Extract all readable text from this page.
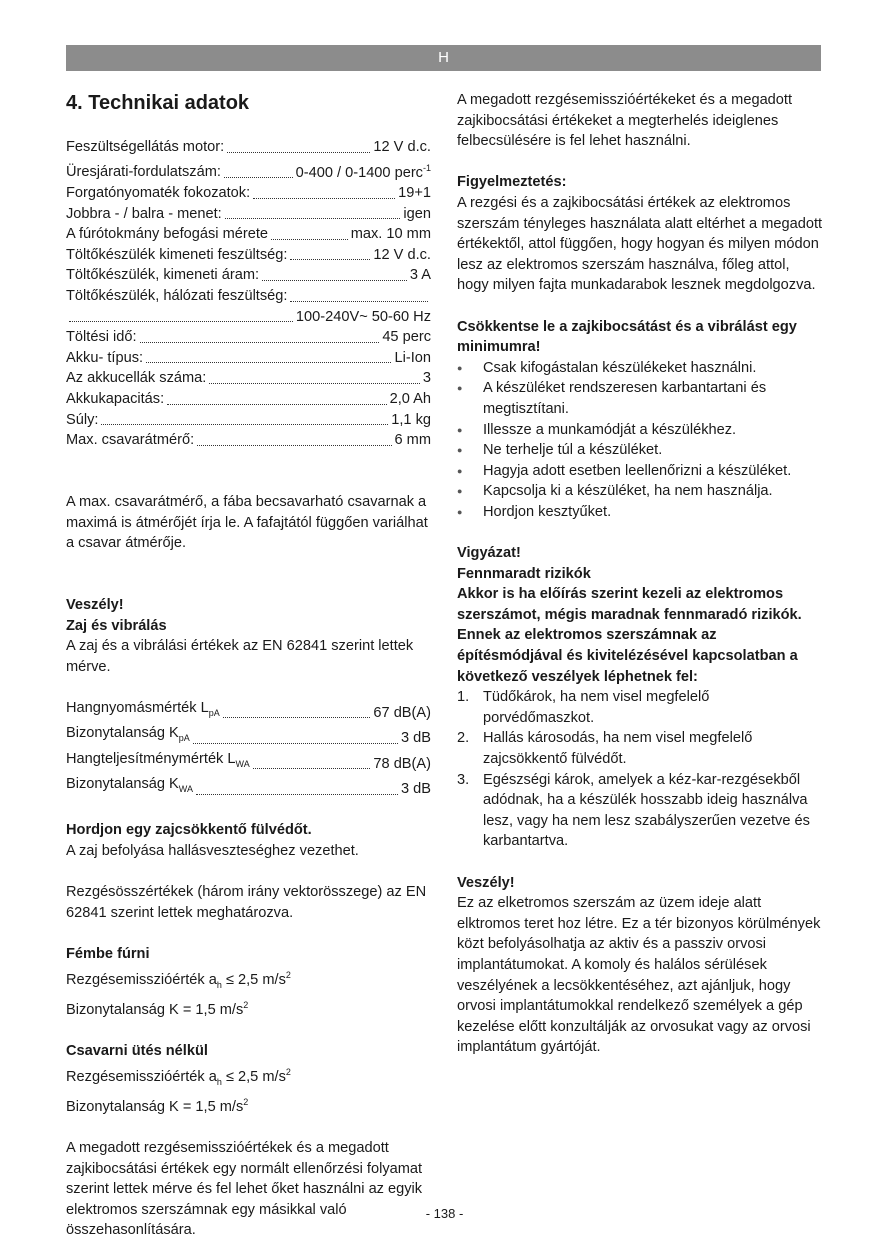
H
4. Technikai adatok
Feszültségellátás motor:	12 V d.c.
Üresjárati-fordulatszám:	0-400 / 0-1400 perc$^{-1}$
Forgatónyomaték fokozatok:	19+1
Jobbra - / balra - menet:	igen
A fúrótokmány befogási mérete	max. 10 mm
Töltőkészülék kimeneti feszültség:	12 V d.c.
Töltőkészülék, kimeneti áram:	3 A
Töltőkészülék, hálózati feszültség:
100-240V~ 50-60 Hz
Töltési idő:	45 perc
Akku- típus:	Li-Ion
Az akkucellák száma:	3
Akkukapacitás:	2,0 Ah
Súly:	1,1 kg
Max. csavarátmérő:	6 mm

A max. csavarátmérő, a fába becsavarható csavarnak a maximá is átmérőjét írja le. A fafajtától függően variálhat a csavar átmérője.

Veszély!

Zaj és vibrálás

A zaj és a vibrálási értékek az EN 62841 szerint lettek mérve.

Hangnyomásmérték $L_{pA}$	67 dB(A)
Bizonytalanság $K_{pA}$	3 dB
Hangteljesítménymérték $L_{WA}$	78 dB(A)
Bizonytalanság $K_{WA}$	3 dB

Hordjon egy zajcsökkentő fülvédőt.

A zaj befolyása hallásveszteséghez vezethet.

Rezgésösszértékek (három irány vektorösszege) az EN 62841 szerint lettek meghatározva.

Fémbe fúrni

Rezgésemisszióérték $a_h \le 2,5$ $m/s^2$

Bizonytalanság K = 1,5 $m/s^2$

Csavarni ütés nélkül

Rezgésemisszióérték $a_h \le 2,5$ $m/s^2$

Bizonytalanság K = 1,5 $m/s^2$

A megadott rezgésemisszióértékek és a megadott zajkibocsátási értékek egy normált ellenőrzési folyamat szerint lettek mérve és fel lehet őket használni az egyik elektromos szerszámnak egy másikkal való összehasonlítására.

A megadott rezgésemisszióértékeket és a megadott zajkibocsátási értékeket a megterhelés ideiglenes felbecsülésére is fel lehet használni.

Figyelmeztetés:

A rezgési és a zajkibocsátási értékek az elektromos szerszám tényleges használata alatt eltérhet a megadott értékektől, attol függően, hogy hogyan és milyen módon lesz az elektromos szerszám használva, főleg attol, hogy milyen fajta munkadarabok lesznek megdolgozva.

Csökkentse le a zajkibocsátást és a vibrálást egy minimumra!

● Csak kifogástalan készülékeket használni.
● A készüléket rendszeresen karbantartani és megtisztítani.
● Illessze a munkamódját a készülékhez.
● Ne terhelje túl a készüléket.
● Hagyja adott esetben leellenőrizni a készüléket.
● Kapcsolja ki a készüléket, ha nem használja.
● Hordjon kesztyűket.

Vigyázat!

Fennmaradt rizikók

Akkor is ha előírás szerint kezeli az elektromos szerszámot, mégis maradnak fennmaradó rizikók. Ennek az elektromos szerszámnak az építésmódjával és kivitelézésével kapcsolatban a következő veszélyek léphetnek fel:

1. Tüdőkárok, ha nem visel megfelelő porvédőmaszkot.
2. Hallás károsodás, ha nem visel megfelelő zajcsökkentő fülvédőt.
3. Egészségi károk, amelyek a kéz-kar-rezgésekből adódnak, ha a készülék hosszabb ideig használva lesz, vagy ha nem lesz szabályszerűen vezetve és karbantartva.

Veszély!

Ez az elketromos szerszám az üzem ideje alatt elktromos teret hoz létre. Ez a tér bizonyos körülmények közt befolyásolhatja az aktiv és a passziv orvosi implantátumokat. A komoly és halálos sérülések veszélyének a lecsökkentéséhez, azt ajánljuk, hogy orvosi implantátumokkal rendelkező személyek a gép kezelése előtt konzultálják az orvosukat vagy az orvosi implantátum gyártóját.

- 138 -
